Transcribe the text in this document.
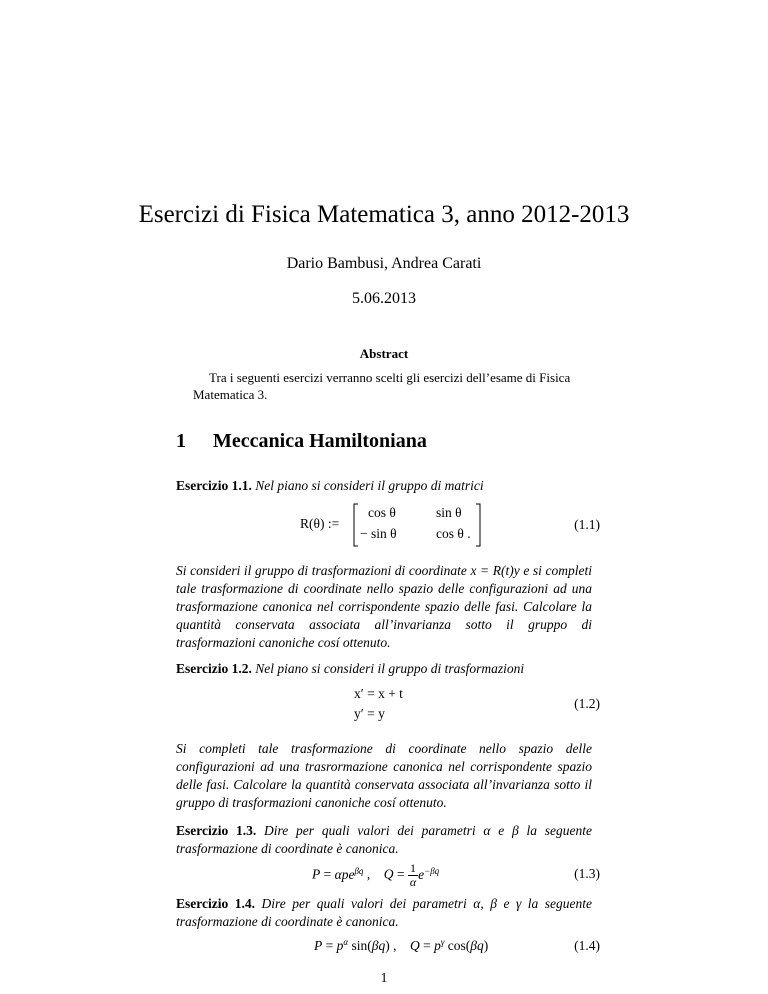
Esercizi di Fisica Matematica 3, anno 2012-2013
Dario Bambusi, Andrea Carati
5.06.2013
Abstract
Tra i seguenti esercizi verranno scelti gli esercizi dell’esame di Fisica Matematica 3.
1 Meccanica Hamiltoniana
Esercizio 1.1. Nel piano si consideri il gruppo di matrici
R(θ) :=
cos θ	sin θ
− sin θ	cos θ .
(1.1)
Si consideri il gruppo di trasformazioni di coordinate x = R(t)y e si completi tale trasformazione di coordinate nello spazio delle configurazioni ad una trasformazione canonica nel corrispondente spazio delle fasi. Calcolare la quantità conservata associata all’invarianza sotto il gruppo di trasformazioni canoniche cosí ottenuto.
Esercizio 1.2. Nel piano si consideri il gruppo di trasformazioni
x′ = x + t
y′ = y
(1.2)
Si completi tale trasformazione di coordinate nello spazio delle configurazioni ad una trasrormazione canonica nel corrispondente spazio delle fasi. Calcolare la quantità conservata associata all’invarianza sotto il gruppo di trasformazioni canoniche cosí ottenuto.
Esercizio 1.3. Dire per quali valori dei parametri α e β la seguente trasformazione di coordinate è canonica.
P = αpe$^{\beta q}$ ,    $Q = \frac{1}{\alpha} e^{-\beta q}$	(1.3)
Esercizio 1.4. Dire per quali valori dei parametri α, β e γ la seguente trasformazione di coordinate è canonica.
$P = p^\alpha$ sin(βq) ,    $Q = p^\gamma$ cos(βq)	(1.4)
1
